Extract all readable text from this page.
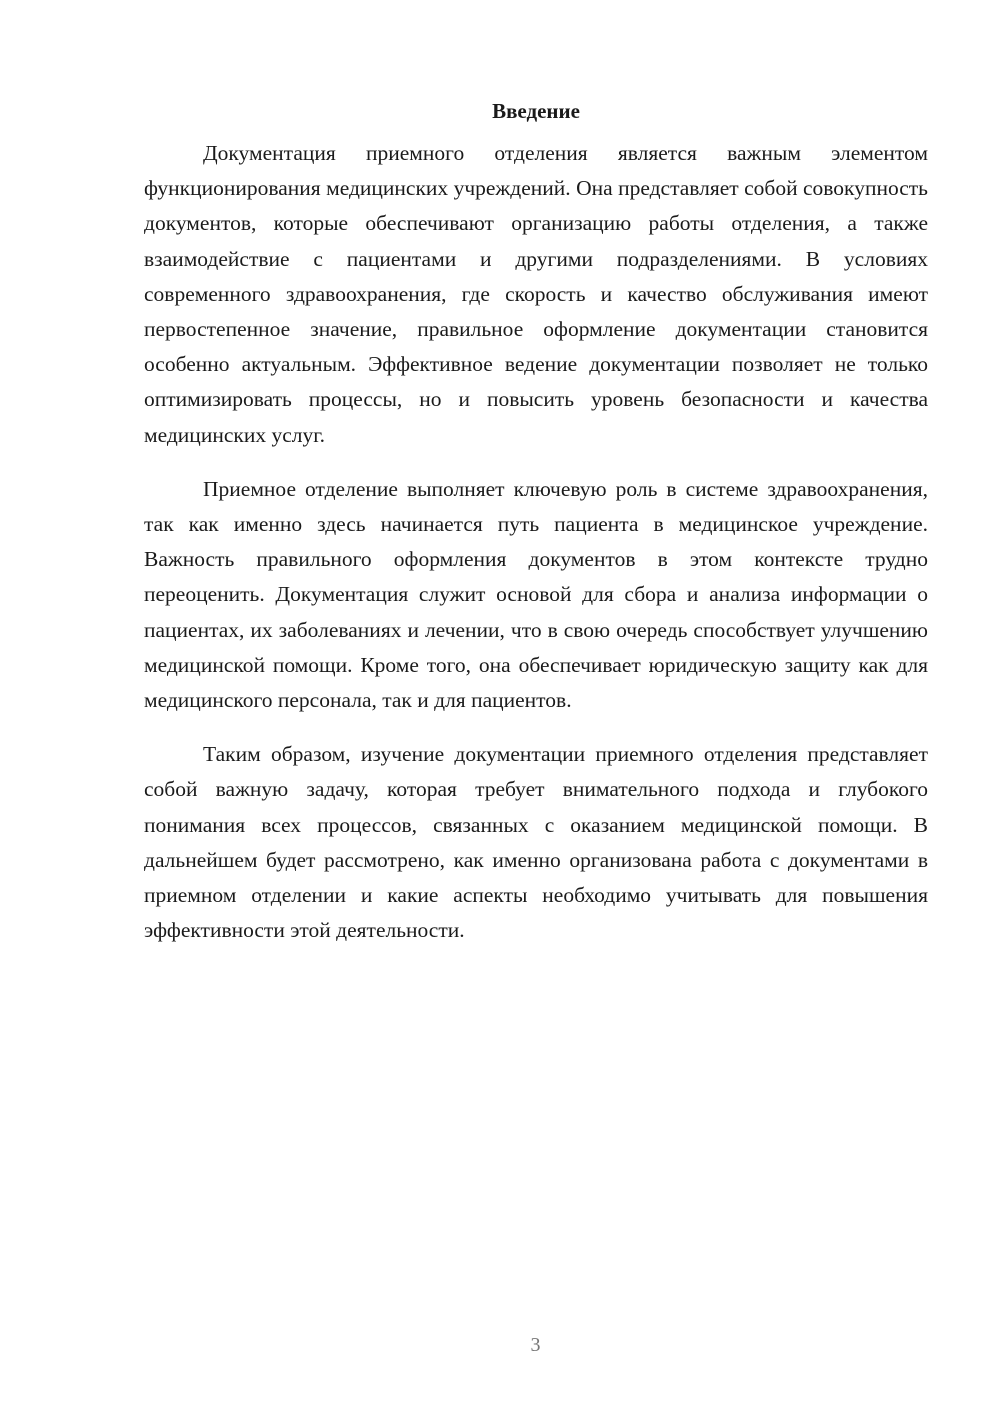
Введение

Документация приемного отделения является важным элементом функционирования медицинских учреждений. Она представляет собой совокупность документов, которые обеспечивают организацию работы отделения, а также взаимодействие с пациентами и другими подразделениями. В условиях современного здравоохранения, где скорость и качество обслуживания имеют первостепенное значение, правильное оформление документации становится особенно актуальным. Эффективное ведение документации позволяет не только оптимизировать процессы, но и повысить уровень безопасности и качества медицинских услуг.

Приемное отделение выполняет ключевую роль в системе здравоохранения, так как именно здесь начинается путь пациента в медицинское учреждение. Важность правильного оформления документов в этом контексте трудно переоценить. Документация служит основой для сбора и анализа информации о пациентах, их заболеваниях и лечении, что в свою очередь способствует улучшению медицинской помощи. Кроме того, она обеспечивает юридическую защиту как для медицинского персонала, так и для пациентов.

Таким образом, изучение документации приемного отделения представляет собой важную задачу, которая требует внимательного подхода и глубокого понимания всех процессов, связанных с оказанием медицинской помощи. В дальнейшем будет рассмотрено, как именно организована работа с документами в приемном отделении и какие аспекты необходимо учитывать для повышения эффективности этой деятельности.

3
